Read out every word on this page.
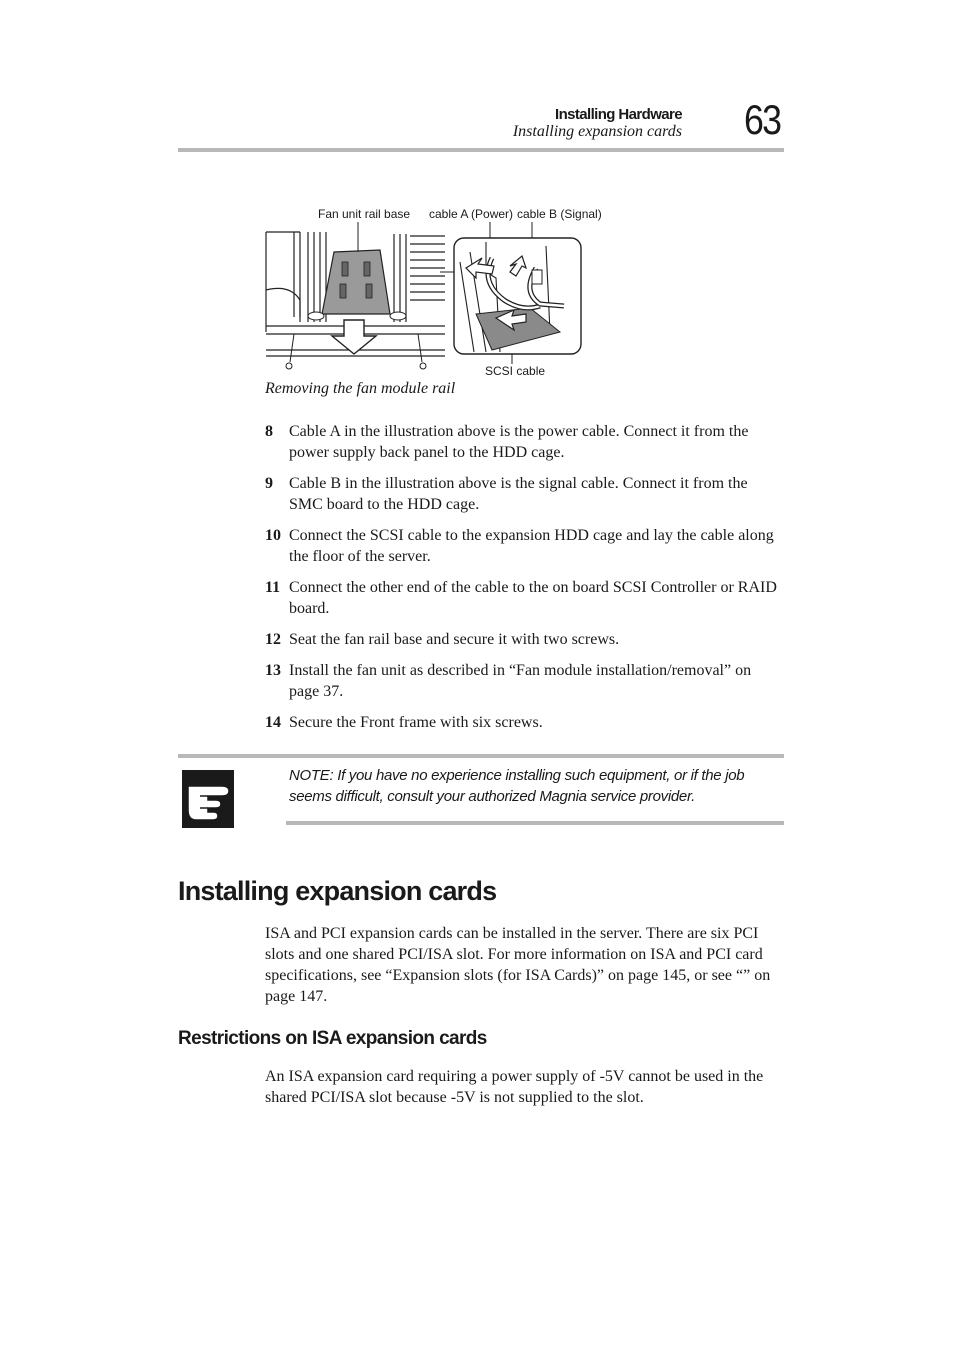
Installing Hardware
Installing expansion cards 63
Fan unit rail base cable A (Power) cable B (Signal)
SCSI cable
Removing the fan module rail
8 Cable A in the illustration above is the power cable. Connect it from the power supply back panel to the HDD cage.
9 Cable B in the illustration above is the signal cable. Connect it from the SMC board to the HDD cage.
10 Connect the SCSI cable to the expansion HDD cage and lay the cable along the floor of the server.
11 Connect the other end of the cable to the on board SCSI Controller or RAID board.
12 Seat the fan rail base and secure it with two screws.
13 Install the fan unit as described in “Fan module installation/removal” on page 37.
14 Secure the Front frame with six screws.
NOTE: If you have no experience installing such equipment, or if the job seems difficult, consult your authorized Magnia service provider.
Installing expansion cards

ISA and PCI expansion cards can be installed in the server. There are six PCI slots and one shared PCI/ISA slot. For more information on ISA and PCI card specifications, see “Expansion slots (for ISA Cards)” on page 145, or see “” on page 147.

Restrictions on ISA expansion cards

An ISA expansion card requiring a power supply of -5V cannot be used in the shared PCI/ISA slot because -5V is not supplied to the slot.
